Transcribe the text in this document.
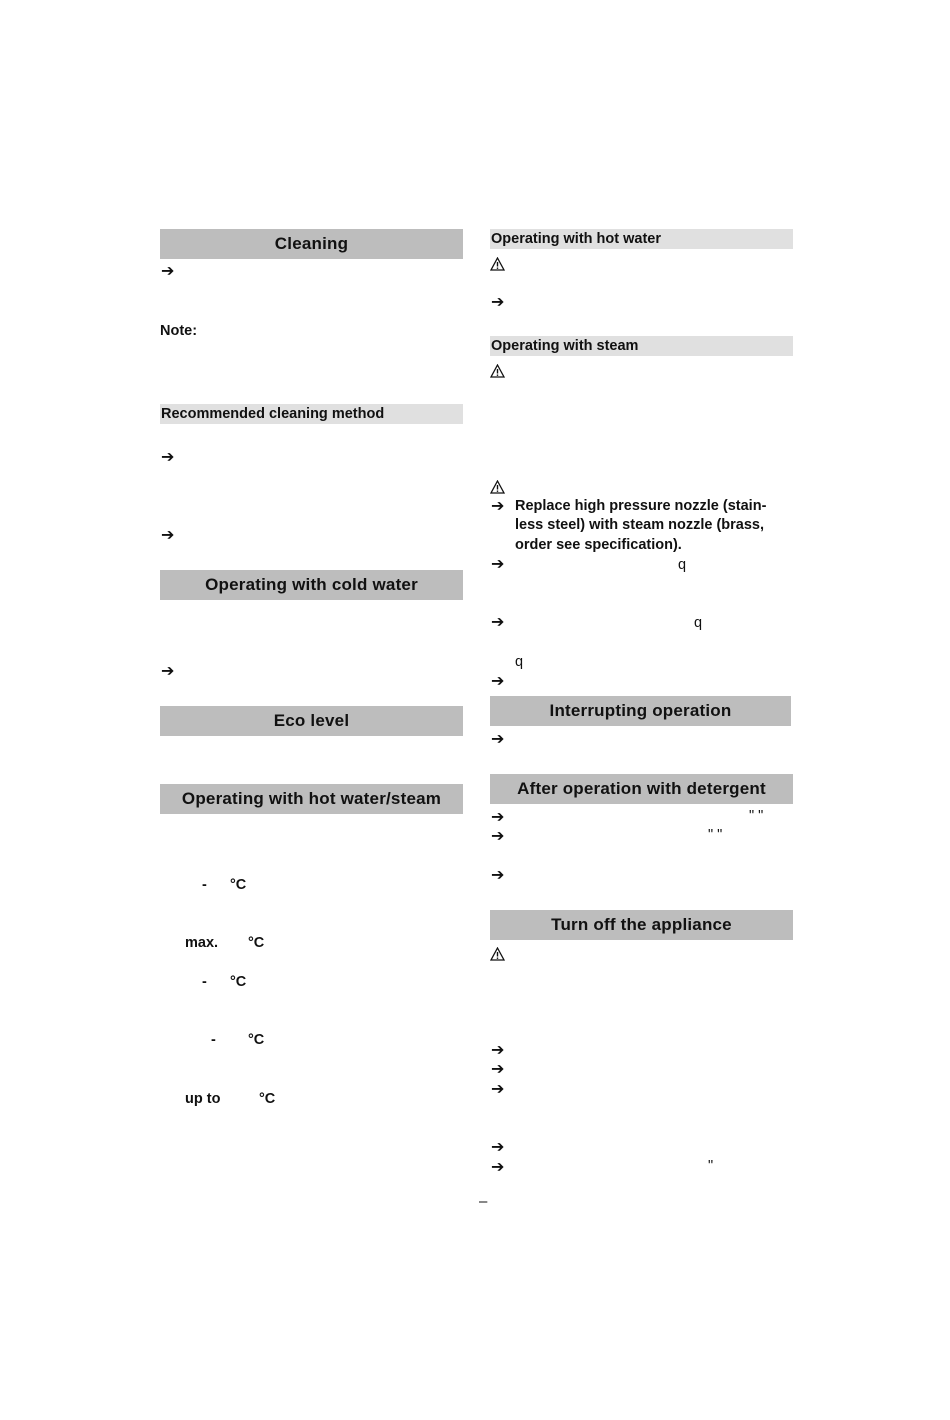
Cleaning
➔
Note:
Recommended cleaning method
➔
➔
Operating with cold water
➔
Eco level
Operating with hot water/steam
- °C
max. °C
- °C
- °C
up to	°C
Operating with hot water
➔
Operating with steam
➔ Replace high pressure nozzle (stain-
less steel) with steam nozzle (brass,
order see specification).
➔	q
➔	q
q
➔
Interrupting operation
➔
After operation with detergent
➔	" "
➔	" "
➔
Turn off the appliance
➔
➔
➔
➔
➔	"
–
